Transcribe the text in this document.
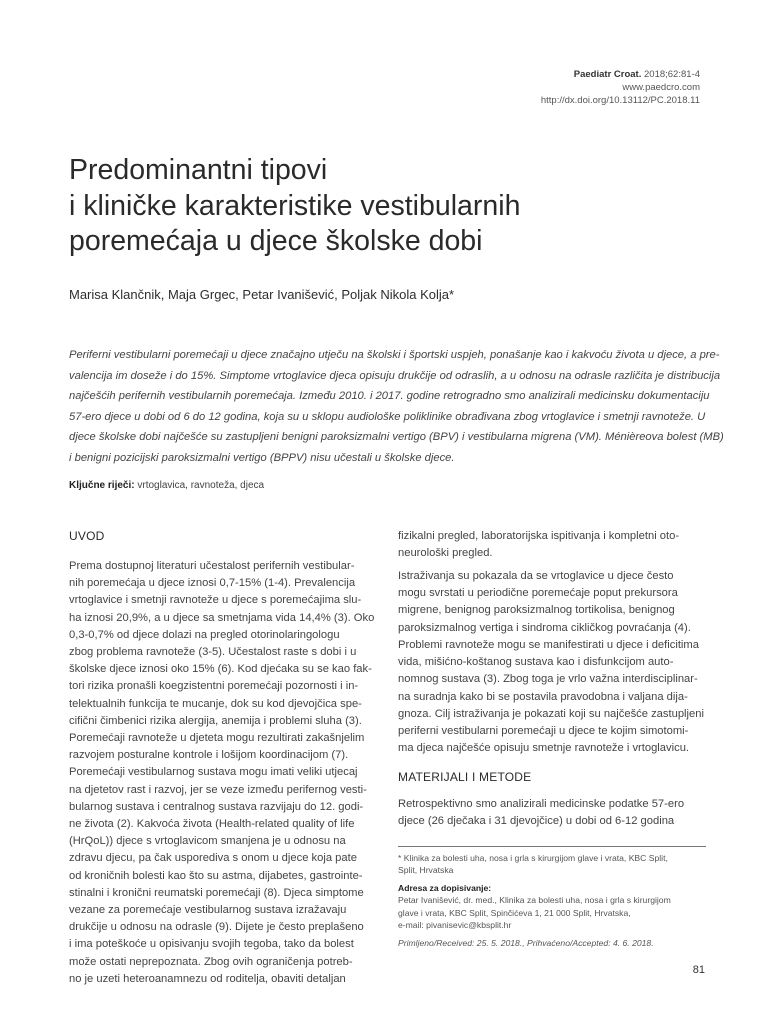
Paediatr Croat. 2018;62:81-4
www.paedcro.com
http://dx.doi.org/10.13112/PC.2018.11
Predominantni tipovi
i kliničke karakteristike vestibularnih
poremećaja u djece školske dobi
Marisa Klančnik, Maja Grgec, Petar Ivanišević, Poljak Nikola Kolja*
Periferni vestibularni poremećaji u djece značajno utječu na školski i športski uspjeh, ponašanje kao i kakvoću života u djece, a pre-
valencija im doseže i do 15%. Simptome vrtoglavice djeca opisuju drukčije od odraslih, a u odnosu na odrasle različita je distribucija
najčešćih perifernih vestibularnih poremećaja. Između 2010. i 2017. godine retrogradno smo analizirali medicinsku dokumentaciju
57-ero djece u dobi od 6 do 12 godina, koja su u sklopu audiološke poliklinike obrađivana zbog vrtoglavice i smetnji ravnoteže. U
djece školske dobi najčešće su zastupljeni benigni paroksizmalni vertigo (BPV) i vestibularna migrena (VM). Ménièreova bolest (MB)
i benigni pozicijski paroksizmalni vertigo (BPPV) nisu učestali u školske djece.
Ključne riječi: vrtoglavica, ravnoteža, djeca
UVOD
Prema dostupnoj literaturi učestalost perifernih vestibular-
nih poremećaja u djece iznosi 0,7-15% (1-4). Prevalencija
vrtoglavice i smetnji ravnoteže u djece s poremećajima slu-
ha iznosi 20,9%, a u djece sa smetnjama vida 14,4% (3). Oko
0,3-0,7% od djece dolazi na pregled otorinolaringologu
zbog problema ravnoteže (3-5). Učestalost raste s dobi i u
školske djece iznosi oko 15% (6). Kod djećaka su se kao fak-
tori rizika pronašli koegzistentni poremećaji pozornosti i in-
telektualnih funkcija te mucanje, dok su kod djevojčica spe-
cifični čimbenici rizika alergija, anemija i problemi sluha (3).
Poremećaji ravnoteže u djeteta mogu rezultirati zakašnjelim
razvojem posturalne kontrole i lošijom koordinacijom (7).
Poremećaji vestibularnog sustava mogu imati veliki utjecaj
na djetetov rast i razvoj, jer se veze između perifernog vesti-
bularnog sustava i centralnog sustava razvijaju do 12. godi-
ne života (2). Kakvoća života (Health-related quality of life
(HrQoL)) djece s vrtoglavicom smanjena je u odnosu na
zdravu djecu, pa čak usporediva s onom u djece koja pate
od kroničnih bolesti kao što su astma, dijabetes, gastrointe-
stinalni i kronični reumatski poremećaji (8). Djeca simptome
vezane za poremećaje vestibularnog sustava izražavaju
drukčije u odnosu na odrasle (9). Dijete je često preplašeno
i ima poteškoće u opisivanju svojih tegoba, tako da bolest
može ostati neprepoznata. Zbog ovih ograničenja potreb-
no je uzeti heteroanamnezu od roditelja, obaviti detaljan
fizikalni pregled, laboratorijska ispitivanja i kompletni oto-
neurološki pregled.
Istraživanja su pokazala da se vrtoglavice u djece često
mogu svrstati u periodične poremećaje poput prekursora
migrene, benignog paroksizmalnog tortikolisa, benignog
paroksizmalnog vertiga i sindroma cikličkog povraćanja (4).
Problemi ravnoteže mogu se manifestirati u djece i deficitima
vida, mišićno-koštanog sustava kao i disfunkcijom auto-
nomnog sustava (3). Zbog toga je vrlo važna interdisciplinar-
na suradnja kako bi se postavila pravodobna i valjana dija-
gnoza. Cilj istraživanja je pokazati koji su najčešće zastupljeni
periferni vestibularni poremećaji u djece te kojim simotomi-
ma djeca najčešće opisuju smetnje ravnoteže i vrtoglavicu.
MATERIJALI I METODE
Retrospektivno smo analizirali medicinske podatke 57-ero
djece (26 dječaka i 31 djevojčice) u dobi od 6-12 godina
* Klinika za bolesti uha, nosa i grla s kirurgijom glave i vrata, KBC Split,
Split, Hrvatska
Adresa za dopisivanje:
Petar Ivanišević, dr. med., Klinika za bolesti uha, nosa i grla s kirurgijom
glave i vrata, KBC Split, Spinčićeva 1, 21 000 Split, Hrvatska,
e-mail: pivanisevic@kbsplit.hr
Primljeno/Received: 25. 5. 2018., Prihvaćeno/Accepted: 4. 6. 2018.
81
